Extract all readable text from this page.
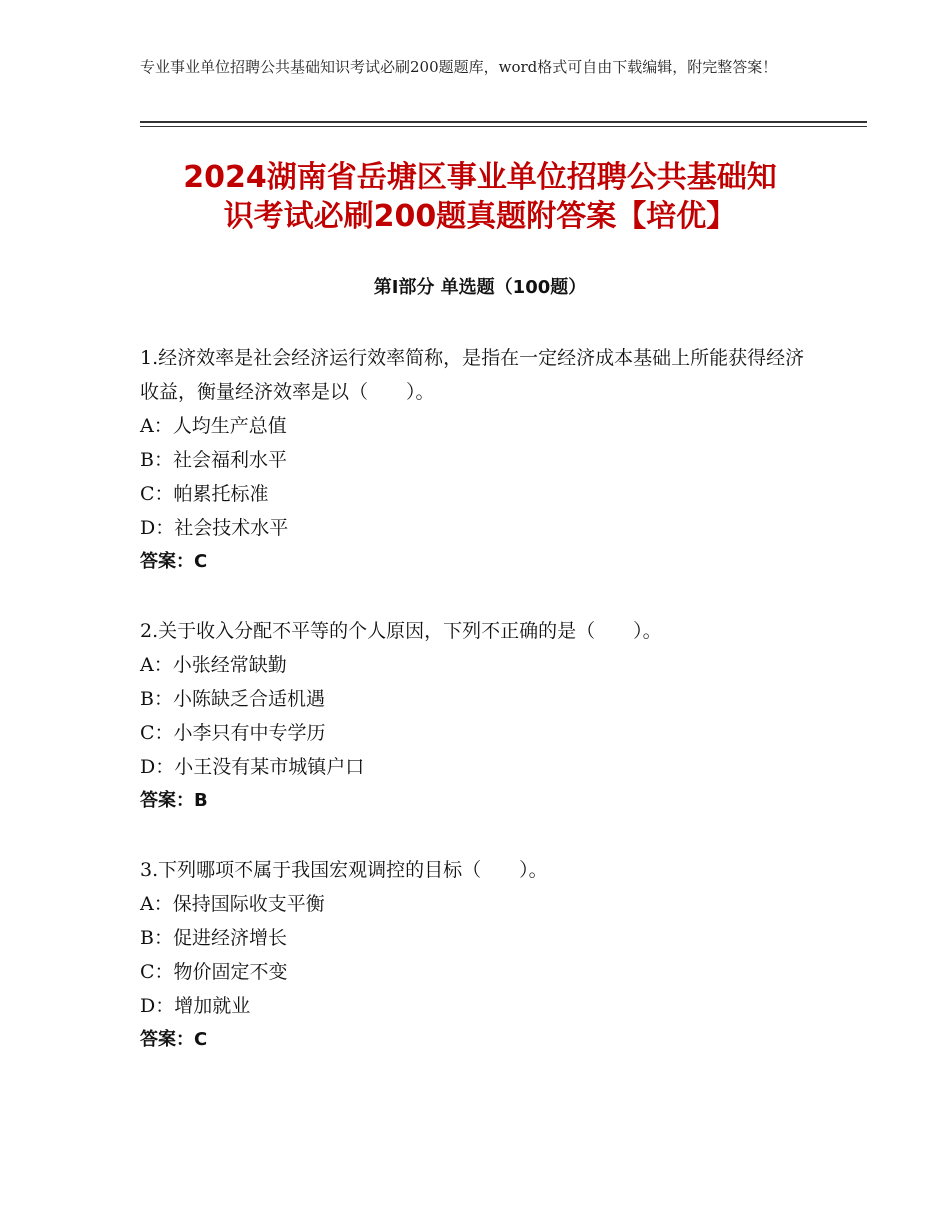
专业事业单位招聘公共基础知识考试必刷200题题库，word格式可自由下载编辑，附完整答案！
2024湖南省岳塘区事业单位招聘公共基础知
识考试必刷200题真题附答案【培优】
第Ⅰ部分 单选题（100题）
1.经济效率是社会经济运行效率简称，是指在一定经济成本基础上所能获得经济收益，衡量经济效率是以（　　）。
A：人均生产总值
B：社会福利水平
C：帕累托标准
D：社会技术水平
答案：C
2.关于收入分配不平等的个人原因，下列不正确的是（　　）。
A：小张经常缺勤
B：小陈缺乏合适机遇
C：小李只有中专学历
D：小王没有某市城镇户口
答案：B
3.下列哪项不属于我国宏观调控的目标（　　）。
A：保持国际收支平衡
B：促进经济增长
C：物价固定不变
D：增加就业
答案：C
